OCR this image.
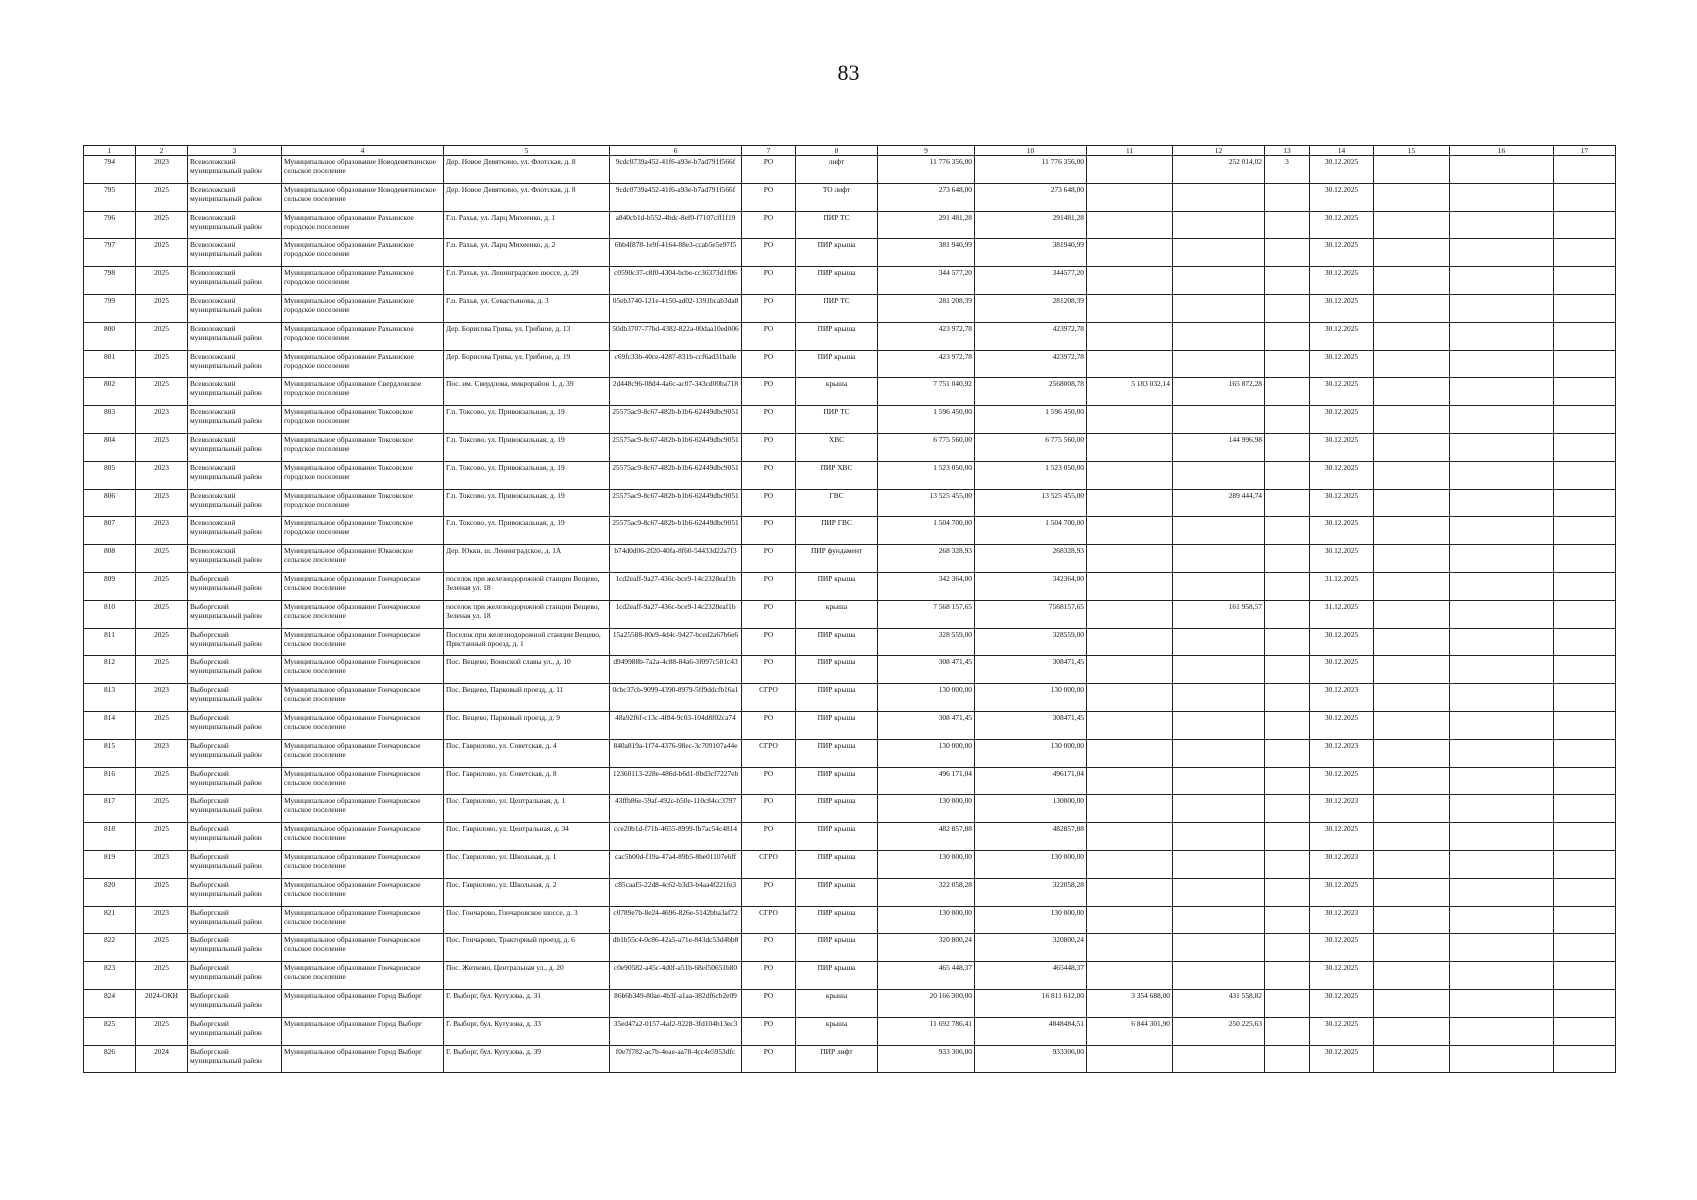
83
1	2	3	4	5	6	7	8	9	10	11	12	13	14	15	16	17
794	2023	Всеволожский муниципальный район	Муниципальное образование Новодевяткинское сельское поселение	Дер. Новое Девяткино, ул. Флотская, д. 8	9cdc0739a452-41f6-a93e-b7ad791f566f	РО	лифт	11 776 356,00	11 776 356,00		252 014,02	3	30.12.2025			
795	2025	Всеволожский муниципальный район	Муниципальное образование Новодевяткинское сельское поселение	Дер. Новое Девяткино, ул. Флотская, д. 8	9cdc0739a452-41f6-a93e-b7ad791f566f	РО	ТО лифт	273 648,00	273 648,00				30.12.2025			
796	2025	Всеволожский муниципальный район	Муниципальное образование Рахьинское городское поселение	Г.п. Рахья, ул. Ларц Михеенко, д. 1	a840cb1d-b552-4bdc-8ef0-f7107cff1f19	РО	ПИР ТС	291 481,28	291481,28				30.12.2025			
797	2025	Всеволожский муниципальный район	Муниципальное образование Рахьинское городское поселение	Г.п. Рахья, ул. Ларц Михеенко, д. 2	6bb4f878-1e9f-4164-88e3-ccab5e5e97f5	РО	ПИР крыша	381 940,99	381940,99				30.12.2025			
798	2025	Всеволожский муниципальный район	Муниципальное образование Рахьинское городское поселение	Г.п. Рахья, ул. Ленинградское шоссе, д. 29	c0590c37-c8f0-4304-bcbe-cc36373d1f06	РО	ПИР крыша	344 577,20	344577,20				30.12.2025			
799	2025	Всеволожский муниципальный район	Муниципальное образование Рахьинское городское поселение	Г.п. Рахья, ул. Севастьянова, д. 3	05eb3740-121e-4150-ad02-1391bcab3da8	РО	ПИР ТС	281 208,39	281208,39				30.12.2025			
800	2025	Всеволожский муниципальный район	Муниципальное образование Рахьинское городское поселение	Дер. Борисова Грива, ул. Грибное, д. 13	50db3707-77bd-4382-822a-00daa10ed006	РО	ПИР крыша	423 972,78	423972,78				30.12.2025			
801	2025	Всеволожский муниципальный район	Муниципальное образование Рахьинское городское поселение	Дер. Борисова Грива, ул. Грибное, д. 19	c69fc33b-40ce-4287-831b-ccf6ad31ba0e	РО	ПИР крыша	423 972,78	423972,78				30.12.2025			
802	2025	Всеволожский муниципальный район	Муниципальное образование Свердловское городское поселение	Пос. им. Свердлова, микрорайон 1, д. 39	2d448c96-08d4-4a6c-ac07-343cd00ba718	РО	крыша	7 751 040,92	2568008,78	5 183 032,14	165 872,28		30.12.2025			
803	2023	Всеволожский муниципальный район	Муниципальное образование Токсовское городское поселение	Г.п. Токсово, ул. Привокзальная, д. 19	25575ac9-8c67-482b-b1b6-62449dbc9051	РО	ПИР ТС	1 596 450,00	1 596 450,00				30.12.2025			
804	2023	Всеволожский муниципальный район	Муниципальное образование Токсовское городское поселение	Г.п. Токсово, ул. Привокзальная, д. 19	25575ac9-8c67-482b-b1b6-62449dbc9051	РО	ХВС	6 775 560,00	6 775 560,00		144 996,98		30.12.2025			
805	2023	Всеволожский муниципальный район	Муниципальное образование Токсовское городское поселение	Г.п. Токсово, ул. Привокзальная, д. 19	25575ac9-8c67-482b-b1b6-62449dbc9051	РО	ПИР ХВС	1 523 050,00	1 523 050,00				30.12.2025			
806	2023	Всеволожский муниципальный район	Муниципальное образование Токсовское городское поселение	Г.п. Токсово, ул. Привокзальная, д. 19	25575ac9-8c67-482b-b1b6-62449dbc9051	РО	ГВС	13 525 455,00	13 525 455,00		289 444,74		30.12.2025			
807	2023	Всеволожский муниципальный район	Муниципальное образование Токсовское городское поселение	Г.п. Токсово, ул. Привокзальная, д. 19	25575ac9-8c67-482b-b1b6-62449dbc9051	РО	ПИР ГВС	1 504 700,00	1 504 700,00				30.12.2025			
808	2025	Всеволожский муниципальный район	Муниципальное образование Юкковское сельское поселение	Дер. Юкки, ш. Ленинградское, д. 1А	b74d0d06-2f20-40fa-8f60-54433d22a7f3	РО	ПИР фундамент	268 328,93	268328,93				30.12.2025			
809	2025	Выборгский муниципальный район	Муниципальное образование Гончаровское сельское поселение	поселок при железнодорожной станции Вещево, Зеленая ул. 18	1cd2eaff-9a27-436c-bce9-14c2328eaf1b	РО	ПИР крыша	342 364,00	342364,00				31.12.2025			
810	2025	Выборгский муниципальный район	Муниципальное образование Гончаровское сельское поселение	поселок при железнодорожной станции Вещево, Зеленая ул. 18	1cd2eaff-9a27-436c-bce9-14c2328eaf1b	РО	крыша	7 568 157,65	7568157,65		161 958,57		31.12.2025			
811	2025	Выборгский муниципальный район	Муниципальное образование Гончаровское сельское поселение	Поселок при железнодорожной станции Вещево, Пристанный проезд, д. 1	15a25588-80e9-4d4c-9427-bced2a67b6e6	РО	ПИР крыша	328 559,00	328559,00				30.12.2025			
812	2025	Выборгский муниципальный район	Муниципальное образование Гончаровское сельское поселение	Пос. Вещево, Воинской славы ул., д. 10	d949988b-7a2a-4c88-84a6-3f097c581c43	РО	ПИР крыша	308 471,45	308471,45				30.12.2025			
813	2023	Выборгский муниципальный район	Муниципальное образование Гончаровское сельское поселение	Пос. Вещево, Парковый проезд, д. 11	0cbc37cb-9099-4390-8979-5ff9ddcfb16a1	СГРО	ПИР крыша	130 000,00	130 000,00				30.12.2023			
814	2025	Выборгский муниципальный район	Муниципальное образование Гончаровское сельское поселение	Пос. Вещево, Парковый проезд, д. 9	48a92f6f-c13c-4f84-9c03-104d8f02ca74	РО	ПИР крыша	308 471,45	308471,45				30.12.2025			
815	2023	Выборгский муниципальный район	Муниципальное образование Гончаровское сельское поселение	Пос. Гаврилово, ул. Советская, д. 4	840a819a-1f74-4376-98ec-3c709107a44e	СГРО	ПИР крыша	130 000,00	130 000,00				30.12.2023			
816	2025	Выборгский муниципальный район	Муниципальное образование Гончаровское сельское поселение	Пос. Гаврилово, ул. Советская, д. 8	12360113-228e-486d-b6d1-8bd3cf7227eb	РО	ПИР крыша	496 171,04	496171,04				30.12.2025			
817	2025	Выборгский муниципальный район	Муниципальное образование Гончаровское сельское поселение	Пос. Гаврилово, ул. Центральная, д. 1	43ffb86e-59af-492c-b50e-110c84cc3797	РО	ПИР крыша	130 000,00	130000,00				30.12.2023			
818	2025	Выборгский муниципальный район	Муниципальное образование Гончаровское сельское поселение	Пос. Гаврилово, ул. Центральная, д. 34	cce20b1d-f71b-4655-8999-fb7ac54c4814	РО	ПИР крыша	482 857,88	482857,88				30.12.2025			
819	2023	Выборгский муниципальный район	Муниципальное образование Гончаровское сельское поселение	Пос. Гаврилово, ул. Школьная, д. 1	cac5b00d-f19a-47a4-89b5-8be01107e6ff	СГРО	ПИР крыша	130 000,00	130 000,00				30.12.2023			
820	2025	Выборгский муниципальный район	Муниципальное образование Гончаровское сельское поселение	Пос. Гаврилово, ул. Школьная, д. 2	c85caaf5-22d8-4c62-b3d3-b4aa4f221fe3	РО	ПИР крыша	322 058,28	322058,28				30.12.2025			
821	2023	Выборгский муниципальный район	Муниципальное образование Гончаровское сельское поселение	Пос. Гончарово, Гончаровское шоссе, д. 3	c0789e7b-8e24-4696-826e-5142bba3af72	СГРО	ПИР крыша	130 000,00	130 000,00				30.12.2023			
822	2025	Выборгский муниципальный район	Муниципальное образование Гончаровское сельское поселение	Пос. Гончарово, Тракторный проезд, д. 6	db1b55c4-0c86-42a5-a71e-843dc53d4bb8	РО	ПИР крыша	320 800,24	320800,24				30.12.2025			
823	2025	Выборгский муниципальный район	Муниципальное образование Гончаровское сельское поселение	Пос. Житково, Центральная ул., д. 20	c0e90582-a45c-4d0f-a51b-68ef50651b80	РО	ПИР крыша	465 448,37	465448,37				30.12.2025			
824	2024-ОКН	Выборгский муниципальный район	Муниципальное образование Город Выборг	Г. Выборг, бул. Кутузова, д. 31	86b6b349-80ae-4b3f-a1aa-382df6cb2e09	РО	крыша	20 166 300,00	16 811 612,00	3 354 688,00	431 558,82		30.12.2025			
825	2025	Выборгский муниципальный район	Муниципальное образование Город Выборг	Г. Выборг, бул. Кутузова, д. 33	35ed47a2-0157-4af2-9228-3fd104b13ec3	РО	крыша	11 692 786,41	4848484,51	6 844 301,90	250 225,63		30.12.2025			
826	2024	Выборгский муниципальный район	Муниципальное образование Город Выборг	Г. Выборг, бул. Кутузова, д. 39	f0e7f782-ac7b-4eae-aa78-4cc4e5953dfc	РО	ПИР лифт	933 306,00	933306,00				30.12.2025			
